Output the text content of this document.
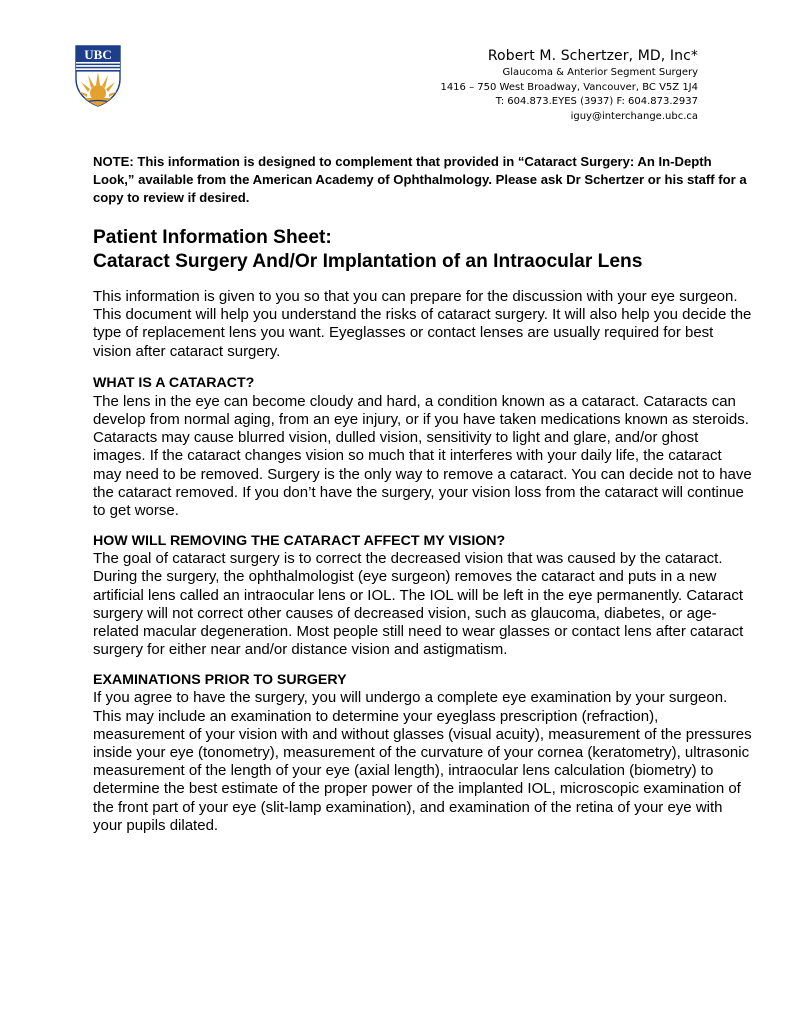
UBC	Robert M. Schertzer, MD, Inc*
Glaucoma & Anterior Segment Surgery
1416 – 750 West Broadway, Vancouver, BC V5Z 1J4
T: 604.873.EYES (3937) F: 604.873.2937
iguy@interchange.ubc.ca

NOTE: This information is designed to complement that provided in “Cataract Surgery: An In-Depth Look,” available from the American Academy of Ophthalmology. Please ask Dr Schertzer or his staff for a copy to review if desired.

Patient Information Sheet:
Cataract Surgery And/Or Implantation of an Intraocular Lens

This information is given to you so that you can prepare for the discussion with your eye surgeon. This document will help you understand the risks of cataract surgery. It will also help you decide the type of replacement lens you want. Eyeglasses or contact lenses are usually required for best vision after cataract surgery.

WHAT IS A CATARACT?

The lens in the eye can become cloudy and hard, a condition known as a cataract. Cataracts can develop from normal aging, from an eye injury, or if you have taken medications known as steroids. Cataracts may cause blurred vision, dulled vision, sensitivity to light and glare, and/or ghost images. If the cataract changes vision so much that it interferes with your daily life, the cataract may need to be removed. Surgery is the only way to remove a cataract. You can decide not to have the cataract removed. If you don’t have the surgery, your vision loss from the cataract will continue to get worse.

HOW WILL REMOVING THE CATARACT AFFECT MY VISION?

The goal of cataract surgery is to correct the decreased vision that was caused by the cataract. During the surgery, the ophthalmologist (eye surgeon) removes the cataract and puts in a new artificial lens called an intraocular lens or IOL. The IOL will be left in the eye permanently. Cataract surgery will not correct other causes of decreased vision, such as glaucoma, diabetes, or age-related macular degeneration. Most people still need to wear glasses or contact lens after cataract surgery for either near and/or distance vision and astigmatism.

EXAMINATIONS PRIOR TO SURGERY

If you agree to have the surgery, you will undergo a complete eye examination by your surgeon. This may include an examination to determine your eyeglass prescription (refraction), measurement of your vision with and without glasses (visual acuity), measurement of the pressures inside your eye (tonometry), measurement of the curvature of your cornea (keratometry), ultrasonic measurement of the length of your eye (axial length), intraocular lens calculation (biometry) to determine the best estimate of the proper power of the implanted IOL, microscopic examination of the front part of your eye (slit-lamp examination), and examination of the retina of your eye with your pupils dilated.
